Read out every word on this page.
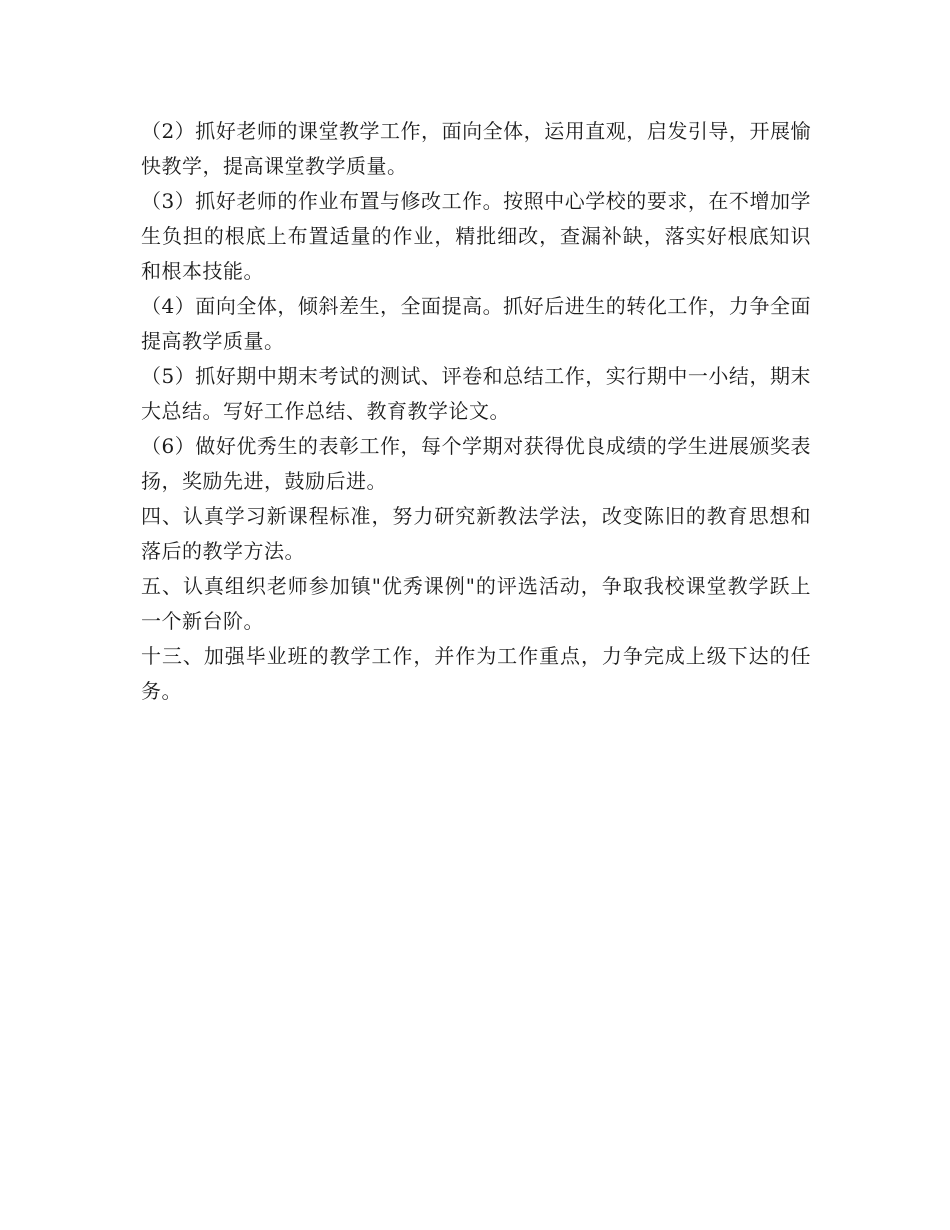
（2）抓好老师的课堂教学工作，面向全体，运用直观，启发引导，开展愉快教学，提高课堂教学质量。

（3）抓好老师的作业布置与修改工作。按照中心学校的要求，在不增加学生负担的根底上布置适量的作业，精批细改，查漏补缺，落实好根底知识和根本技能。

（4）面向全体，倾斜差生，全面提高。抓好后进生的转化工作，力争全面提高教学质量。

（5）抓好期中期末考试的测试、评卷和总结工作，实行期中一小结，期末大总结。写好工作总结、教育教学论文。

（6）做好优秀生的表彰工作，每个学期对获得优良成绩的学生进展颁奖表扬，奖励先进，鼓励后进。

四、认真学习新课程标准，努力研究新教法学法，改变陈旧的教育思想和落后的教学方法。

五、认真组织老师参加镇"优秀课例"的评选活动，争取我校课堂教学跃上一个新台阶。

十三、加强毕业班的教学工作，并作为工作重点，力争完成上级下达的任务。
